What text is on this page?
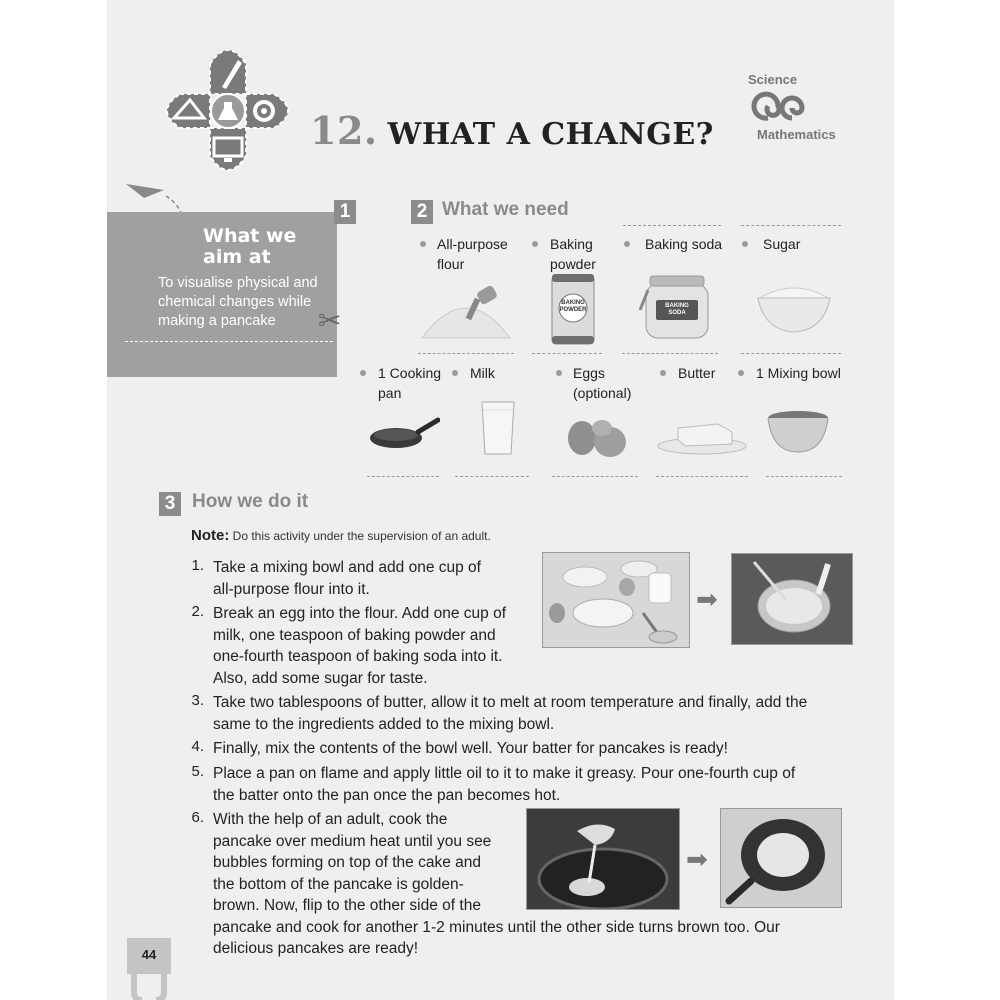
12. WHAT A CHANGE?
Science
Mathematics
1
What we
aim at
To visualise physical and chemical changes while making a pancake	✂
2 What we need
All-purpose
flour
Baking
powder
Baking soda	Sugar
BAKING POWDER
BAKING SODA
1 Cooking
pan
Milk	Eggs
(optional)
Butter	1 Mixing bowl
3 How we do it
Note: Do this activity under the supervision of an adult.
1. Take a mixing bowl and add one cup of
all-purpose flour into it.
2. Break an egg into the flour. Add one cup of
milk, one teaspoon of baking powder and
one-fourth teaspoon of baking soda into it.
Also, add some sugar for taste.
3. Take two tablespoons of butter, allow it to melt at room temperature and finally, add the
same to the ingredients added to the mixing bowl.
4. Finally, mix the contents of the bowl well. Your batter for pancakes is ready!
5. Place a pan on flame and apply little oil to it to make it greasy. Pour one-fourth cup of
the batter onto the pan once the pan becomes hot.
6. With the help of an adult, cook the
pancake over medium heat until you see
bubbles forming on top of the cake and
the bottom of the pancake is golden-
brown. Now, flip to the other side of the
pancake and cook for another 1-2 minutes until the other side turns brown too. Our
delicious pancakes are ready!
➡
➡
44
